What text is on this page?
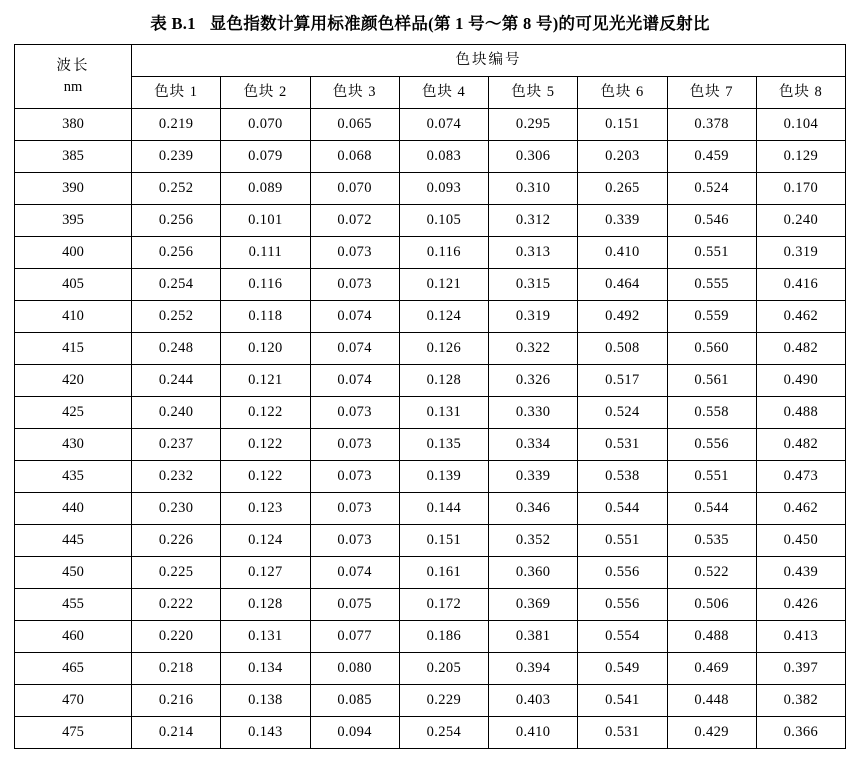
表 B.1 显色指数计算用标准颜色样品(第 1 号～第 8 号)的可见光光谱反射比
波长
nm	色块编号							
	色块 1	色块 2	色块 3	色块 4	色块 5	色块 6	色块 7	色块 8
380	0.219	0.070	0.065	0.074	0.295	0.151	0.378	0.104
385	0.239	0.079	0.068	0.083	0.306	0.203	0.459	0.129
390	0.252	0.089	0.070	0.093	0.310	0.265	0.524	0.170
395	0.256	0.101	0.072	0.105	0.312	0.339	0.546	0.240
400	0.256	0.111	0.073	0.116	0.313	0.410	0.551	0.319
405	0.254	0.116	0.073	0.121	0.315	0.464	0.555	0.416
410	0.252	0.118	0.074	0.124	0.319	0.492	0.559	0.462
415	0.248	0.120	0.074	0.126	0.322	0.508	0.560	0.482
420	0.244	0.121	0.074	0.128	0.326	0.517	0.561	0.490
425	0.240	0.122	0.073	0.131	0.330	0.524	0.558	0.488
430	0.237	0.122	0.073	0.135	0.334	0.531	0.556	0.482
435	0.232	0.122	0.073	0.139	0.339	0.538	0.551	0.473
440	0.230	0.123	0.073	0.144	0.346	0.544	0.544	0.462
445	0.226	0.124	0.073	0.151	0.352	0.551	0.535	0.450
450	0.225	0.127	0.074	0.161	0.360	0.556	0.522	0.439
455	0.222	0.128	0.075	0.172	0.369	0.556	0.506	0.426
460	0.220	0.131	0.077	0.186	0.381	0.554	0.488	0.413
465	0.218	0.134	0.080	0.205	0.394	0.549	0.469	0.397
470	0.216	0.138	0.085	0.229	0.403	0.541	0.448	0.382
475	0.214	0.143	0.094	0.254	0.410	0.531	0.429	0.366
